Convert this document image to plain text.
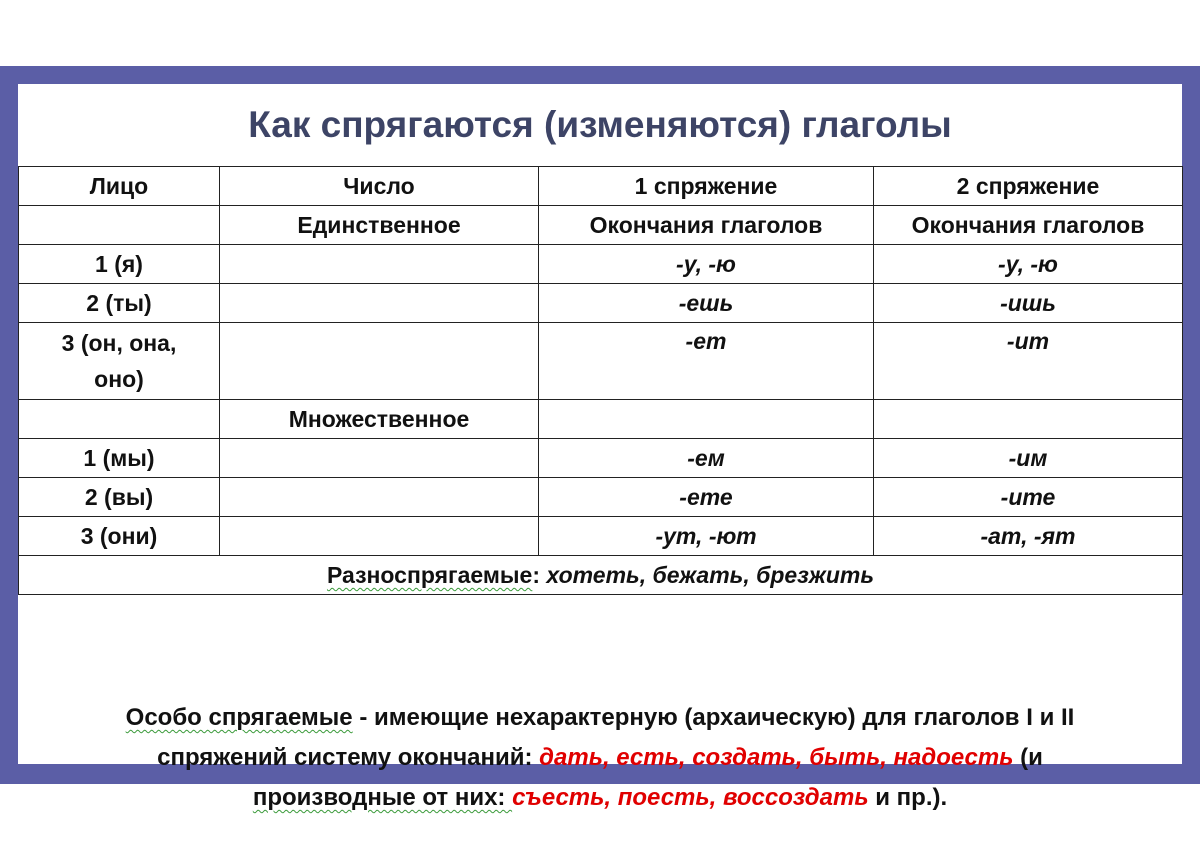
Как спрягаются (изменяются) глаголы
Лицо	Число	1 спряжение	2 спряжение
	Единственное	Окончания глаголов	Окончания глаголов
1 (я)		-у, -ю	-у, -ю
2 (ты)		-ешь	-ишь

3 (он, она,
оно)		-ет	-ит
	Множественное		
1 (мы)		-ем	-им
2 (вы)		-ете	-ите
3 (они)		-ут, -ют	-ат, -ят
Разноспрягаемые: хотеть, бежать, брезжить			
Особо спрягаемые - имеющие нехарактерную (архаическую) для глаголов I и II
спряжений систему окончаний: дать, есть, создать, быть, надоесть (и
производные от них: съесть, поесть, воссоздать и пр.).
